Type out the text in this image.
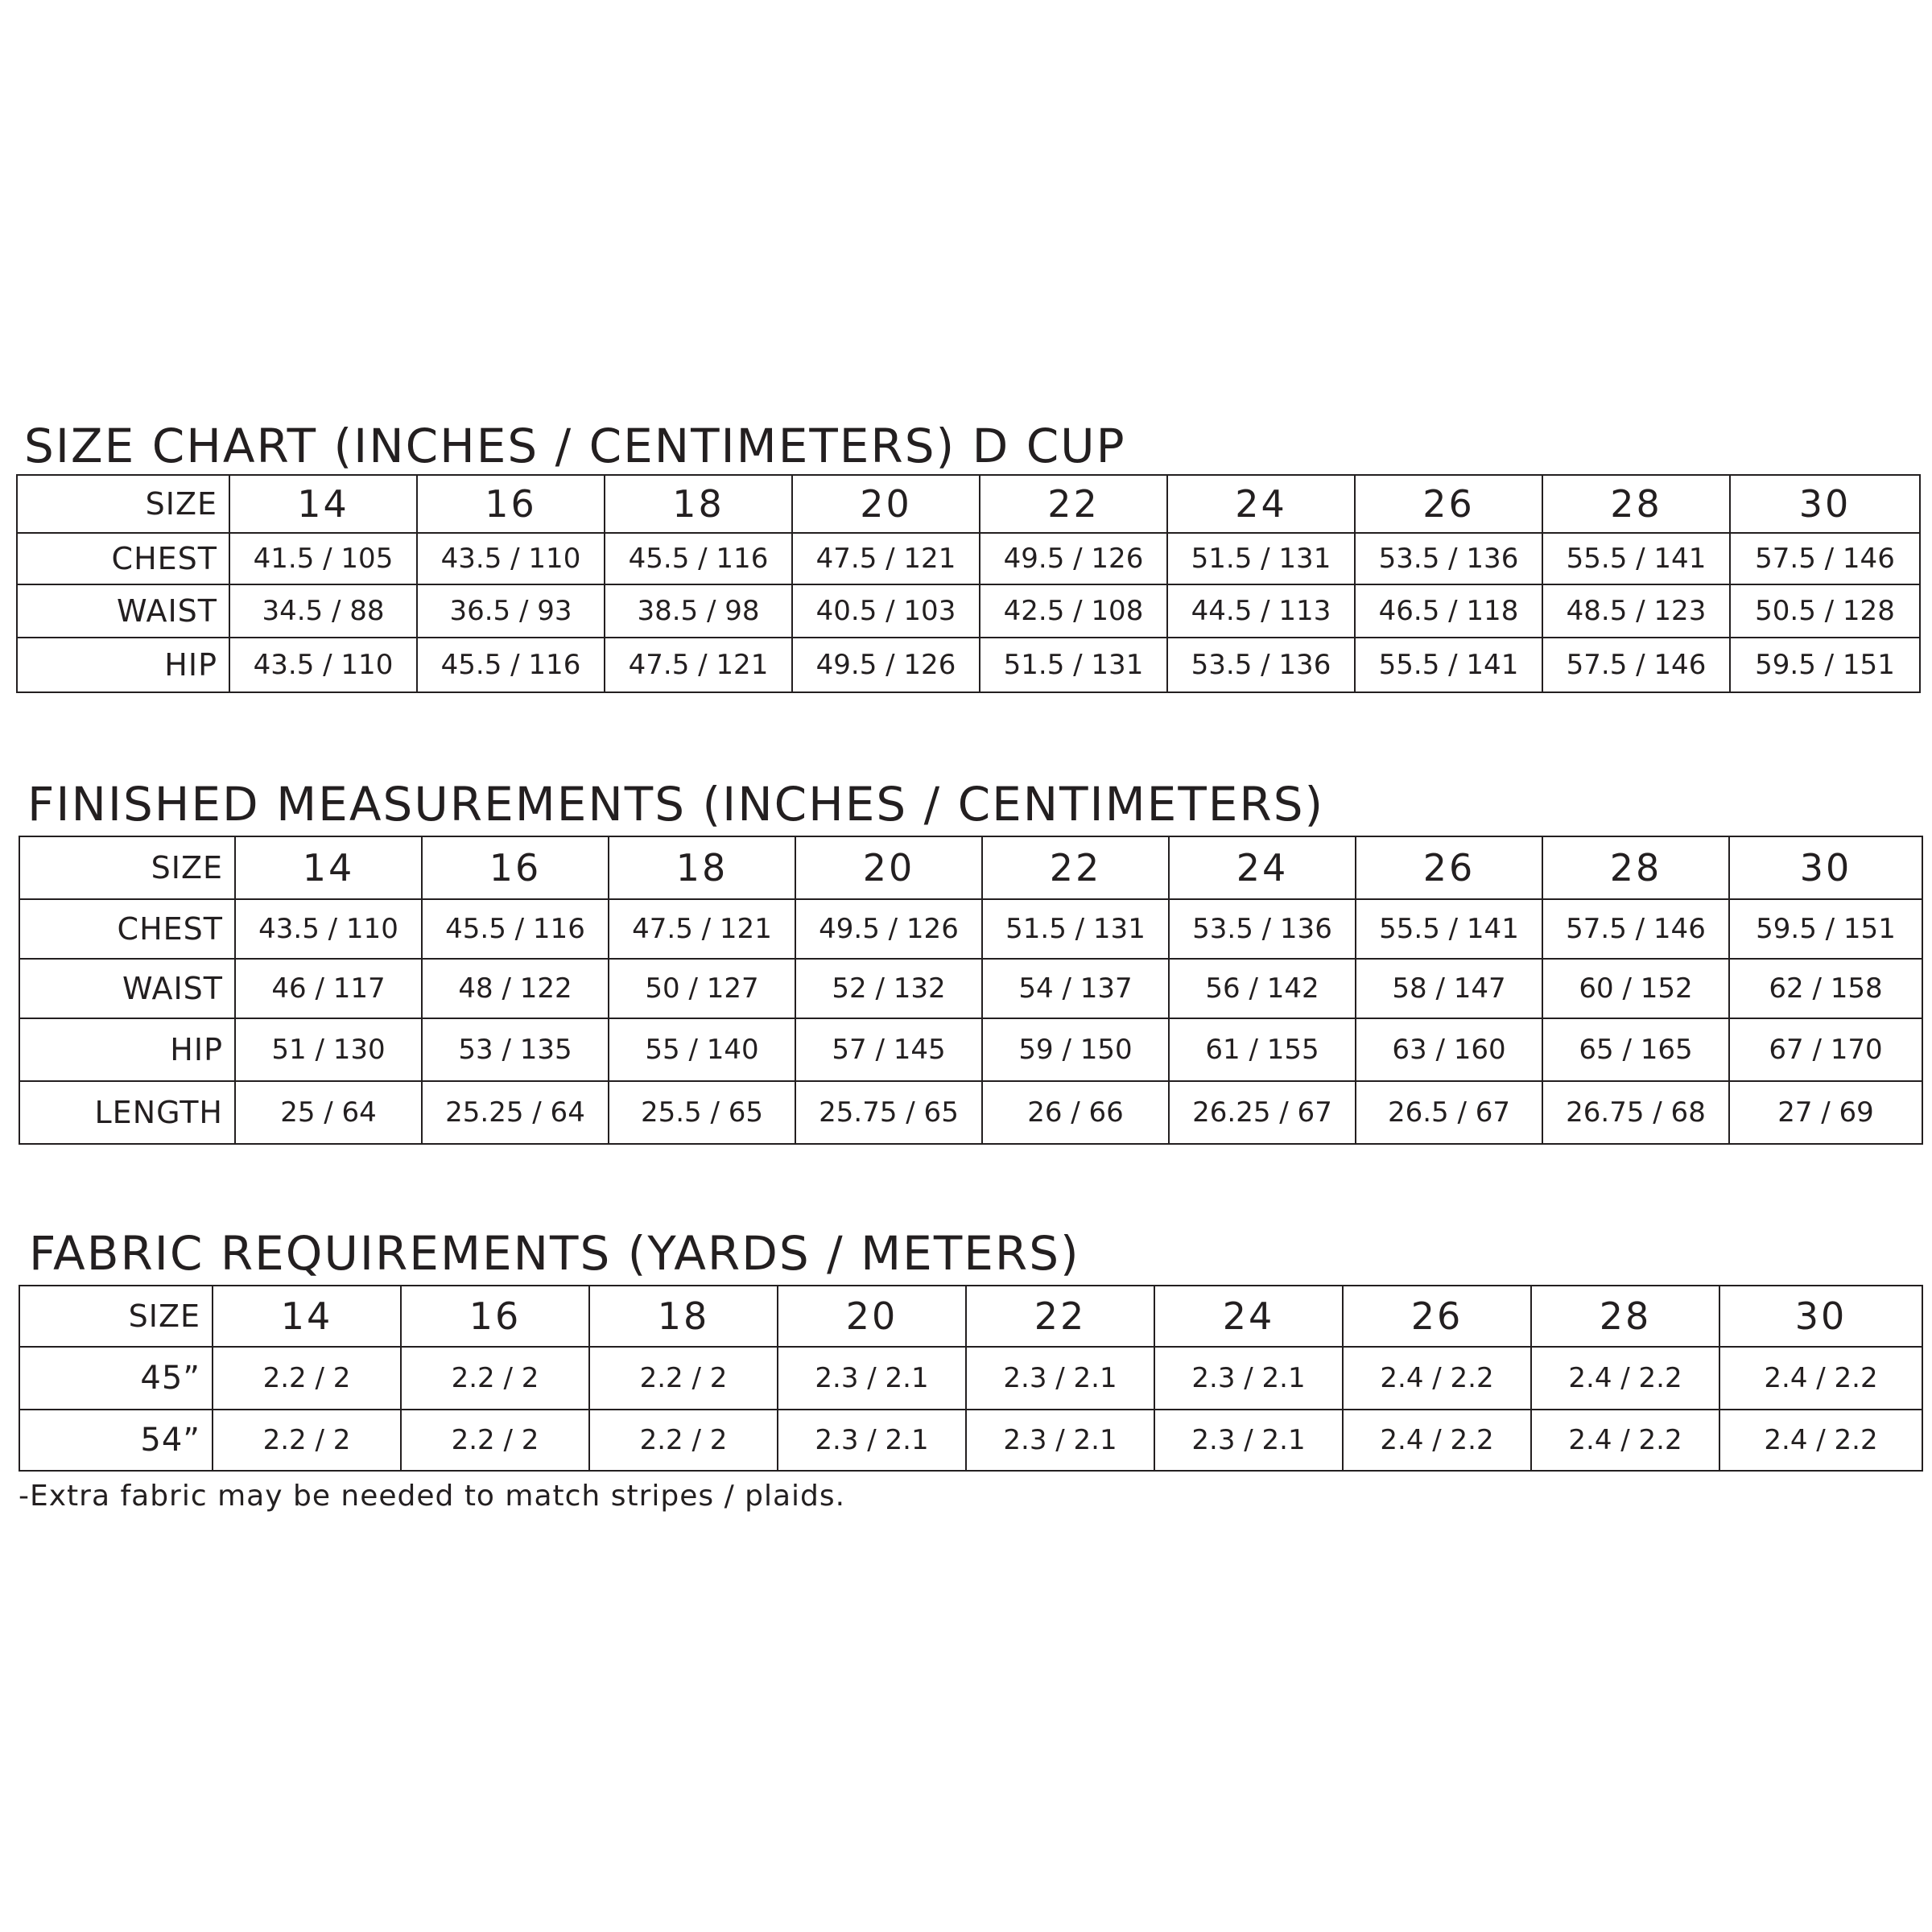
SIZE CHART (INCHES / CENTIMETERS) D CUP
SIZE	14	16	18	20	22	24	26	28	30
CHEST	41.5 / 105	43.5 / 110	45.5 / 116	47.5 / 121	49.5 / 126	51.5 / 131	53.5 / 136	55.5 / 141	57.5 / 146
WAIST	34.5 / 88	36.5 / 93	38.5 / 98	40.5 / 103	42.5 / 108	44.5 / 113	46.5 / 118	48.5 / 123	50.5 / 128
HIP	43.5 / 110	45.5 / 116	47.5 / 121	49.5 / 126	51.5 / 131	53.5 / 136	55.5 / 141	57.5 / 146	59.5 / 151
FINISHED MEASUREMENTS (INCHES / CENTIMETERS)
SIZE	14	16	18	20	22	24	26	28	30
CHEST	43.5 / 110	45.5 / 116	47.5 / 121	49.5 / 126	51.5 / 131	53.5 / 136	55.5 / 141	57.5 / 146	59.5 / 151
WAIST	46 / 117	48 / 122	50 / 127	52 / 132	54 / 137	56 / 142	58 / 147	60 / 152	62 / 158
HIP	51 / 130	53 / 135	55 / 140	57 / 145	59 / 150	61 / 155	63 / 160	65 / 165	67 / 170
LENGTH	25 / 64	25.25 / 64	25.5 / 65	25.75 / 65	26 / 66	26.25 / 67	26.5 / 67	26.75 / 68	27 / 69
FABRIC REQUIREMENTS (YARDS / METERS)
SIZE	14	16	18	20	22	24	26	28	30
45”	2.2 / 2	2.2 / 2	2.2 / 2	2.3 / 2.1	2.3 / 2.1	2.3 / 2.1	2.4 / 2.2	2.4 / 2.2	2.4 / 2.2
54”	2.2 / 2	2.2 / 2	2.2 / 2	2.3 / 2.1	2.3 / 2.1	2.3 / 2.1	2.4 / 2.2	2.4 / 2.2	2.4 / 2.2

-Extra fabric may be needed to match stripes / plaids.
